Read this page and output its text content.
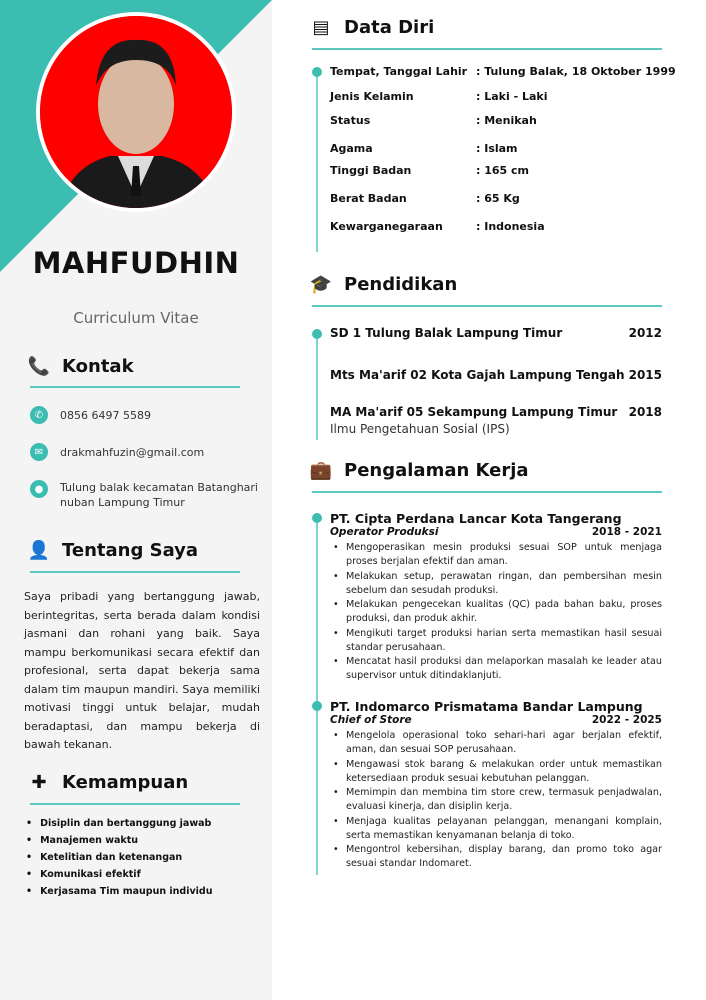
MAHFUDHIN
Curriculum Vitae
📞 Kontak
✆	0856 6497 5589
✉	drakmahfuzin@gmail.com
●	Tulung balak kecamatan Batanghari nuban Lampung Timur
👤 Tentang Saya
Saya pribadi yang bertanggung jawab, berintegritas, serta berada dalam kondisi jasmani dan rohani yang baik. Saya mampu berkomunikasi secara efektif dan profesional, serta dapat bekerja sama dalam tim maupun mandiri. Saya memiliki motivasi tinggi untuk belajar, mudah beradaptasi, dan mampu bekerja di bawah tekanan.
✚ Kemampuan
• Disiplin dan bertanggung jawab
• Manajemen waktu
• Ketelitian dan ketenangan
• Komunikasi efektif
• Kerjasama Tim maupun individu
▤ Data Diri
Tempat, Tanggal Lahir : Tulung Balak, 18 Oktober 1999
Jenis Kelamin	: Laki - Laki
Status	: Menikah
Agama	: Islam
Tinggi Badan	: 165 cm
Berat Badan	: 65 Kg
Kewarganegaraan	: Indonesia
🎓 Pendidikan
SD 1 Tulung Balak Lampung Timur	2012
Mts Ma'arif 02 Kota Gajah Lampung Tengah 2015
MA Ma'arif 05 Sekampung Lampung Timur 2018
Ilmu Pengetahuan Sosial (IPS)
💼 Pengalaman Kerja
PT. Cipta Perdana Lancar Kota Tangerang
Operator Produksi	2018 - 2021
• Mengoperasikan mesin produksi sesuai SOP untuk menjaga proses berjalan efektif dan aman.
• Melakukan setup, perawatan ringan, dan pembersihan mesin sebelum dan sesudah produksi.
• Melakukan pengecekan kualitas (QC) pada bahan baku, proses produksi, dan produk akhir.
• Mengikuti target produksi harian serta memastikan hasil sesuai standar perusahaan.
• Mencatat hasil produksi dan melaporkan masalah ke leader atau supervisor untuk ditindaklanjuti.
PT. Indomarco Prismatama Bandar Lampung
Chief of Store	2022 - 2025
• Mengelola operasional toko sehari-hari agar berjalan efektif, aman, dan sesuai SOP perusahaan.
• Mengawasi stok barang & melakukan order untuk memastikan ketersediaan produk sesuai kebutuhan pelanggan.
• Memimpin dan membina tim store crew, termasuk penjadwalan, evaluasi kinerja, dan disiplin kerja.
• Menjaga kualitas pelayanan pelanggan, menangani komplain, serta memastikan kenyamanan belanja di toko.
• Mengontrol kebersihan, display barang, dan promo toko agar sesuai standar Indomaret.
